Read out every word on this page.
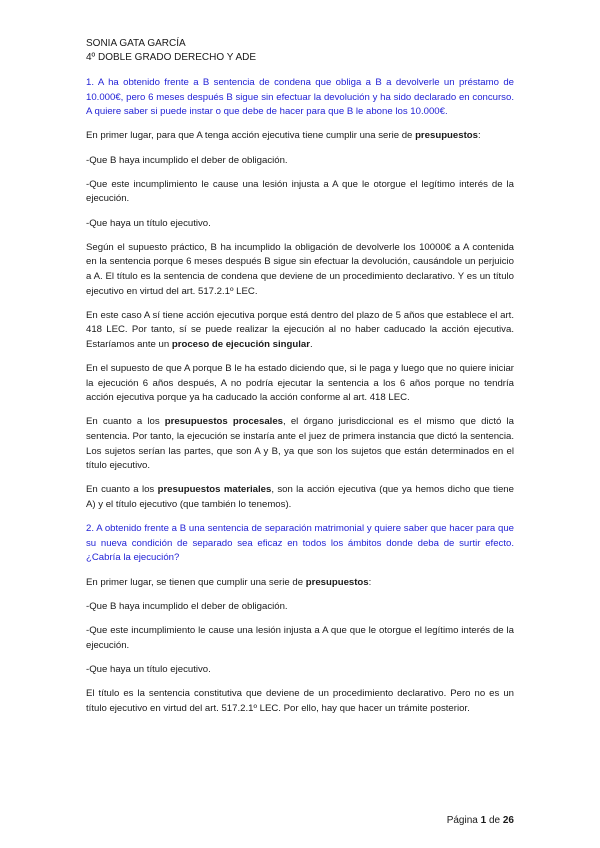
SONIA GATA GARCÍA
4º DOBLE GRADO DERECHO Y ADE

1. A ha obtenido frente a B sentencia de condena que obliga a B a devolverle un préstamo de 10.000€, pero 6 meses después B sigue sin efectuar la devolución y ha sido declarado en concurso. A quiere saber si puede instar o que debe de hacer para que B le abone los 10.000€.

En primer lugar, para que A tenga acción ejecutiva tiene cumplir una serie de presupuestos:

-Que B haya incumplido el deber de obligación.

-Que este incumplimiento le cause una lesión injusta a A que le otorgue el legítimo interés de la ejecución.

-Que haya un título ejecutivo.

Según el supuesto práctico, B ha incumplido la obligación de devolverle los 10000€ a A contenida en la sentencia porque 6 meses después B sigue sin efectuar la devolución, causándole un perjuicio a A. El título es la sentencia de condena que deviene de un procedimiento declarativo. Y es un título ejecutivo en virtud del art. 517.2.1º LEC.

En este caso A sí tiene acción ejecutiva porque está dentro del plazo de 5 años que establece el art. 418 LEC. Por tanto, sí se puede realizar la ejecución al no haber caducado la acción ejecutiva. Estaríamos ante un proceso de ejecución singular.

En el supuesto de que A porque B le ha estado diciendo que, si le paga y luego que no quiere iniciar la ejecución 6 años después, A no podría ejecutar la sentencia a los 6 años porque no tendría acción ejecutiva porque ya ha caducado la acción conforme al art. 418 LEC.

En cuanto a los presupuestos procesales, el órgano jurisdiccional es el mismo que dictó la sentencia. Por tanto, la ejecución se instaría ante el juez de primera instancia que dictó la sentencia. Los sujetos serían las partes, que son A y B, ya que son los sujetos que están determinados en el título ejecutivo.

En cuanto a los presupuestos materiales, son la acción ejecutiva (que ya hemos dicho que tiene A) y el título ejecutivo (que también lo tenemos).

2. A obtenido frente a B una sentencia de separación matrimonial y quiere saber que hacer para que su nueva condición de separado sea eficaz en todos los ámbitos donde deba de surtir efecto. ¿Cabría la ejecución?

En primer lugar, se tienen que cumplir una serie de presupuestos:

-Que B haya incumplido el deber de obligación.

-Que este incumplimiento le cause una lesión injusta a A que que le otorgue el legítimo interés de la ejecución.

-Que haya un título ejecutivo.

El título es la sentencia constitutiva que deviene de un procedimiento declarativo. Pero no es un título ejecutivo en virtud del art. 517.2.1º LEC. Por ello, hay que hacer un trámite posterior.

Página 1 de 26
